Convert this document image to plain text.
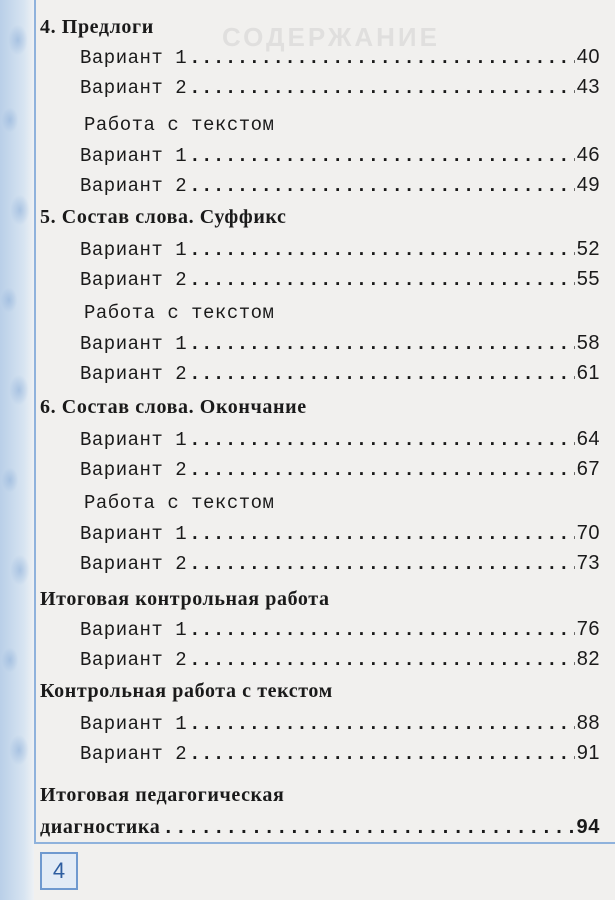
СОДЕРЖАНИЕ
4. Предлоги
Вариант 1 .....	40
Вариант 2 .....	43
Работа с текстом
Вариант 1 .....	46
Вариант 2 .....	49
5. Состав слова. Суффикс
Вариант 1 .....	52
Вариант 2 .....	55
Работа с текстом
Вариант 1 .....	58
Вариант 2 .....	61
6. Состав слова. Окончание
Вариант 1 .....	64
Вариант 2 .....	67
Работа с текстом
Вариант 1 .....	70
Вариант 2 .....	73
Итоговая контрольная работа
Вариант 1 .....	76
Вариант 2 .....	82
Контрольная работа с текстом
Вариант 1 .....	88
Вариант 2 .....	91
Итоговая педагогическая
диагностика .....	94
4
